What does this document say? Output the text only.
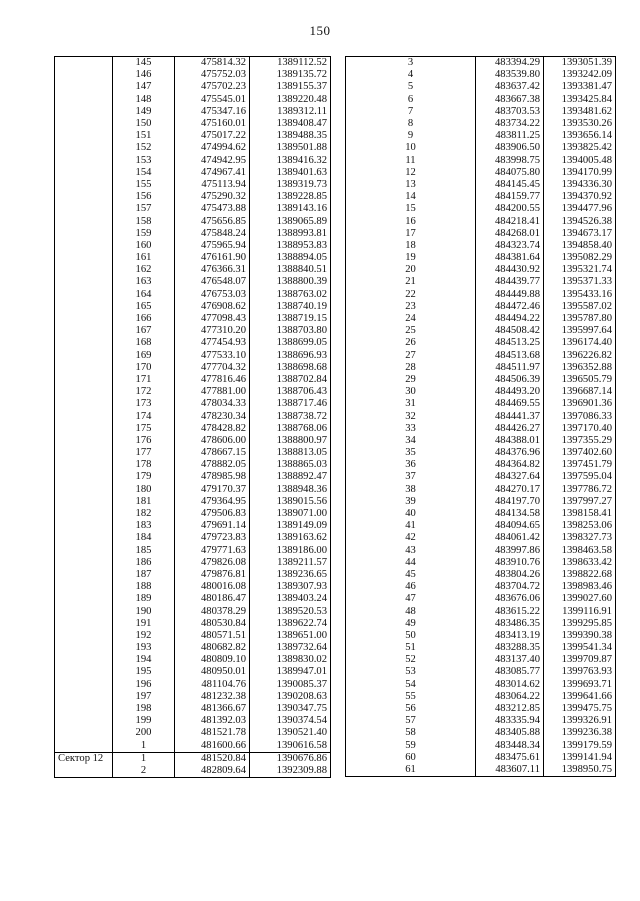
150
	145	475814.32	1389112.52
	146	475752.03	1389135.72
	147	475702.23	1389155.37
	148	475545.01	1389220.48
	149	475347.16	1389312.11
	150	475160.01	1389408.47
	151	475017.22	1389488.35
	152	474994.62	1389501.88
	153	474942.95	1389416.32
	154	474967.41	1389401.63
	155	475113.94	1389319.73
	156	475290.32	1389228.85
	157	475473.88	1389143.16
	158	475656.85	1389065.89
	159	475848.24	1388993.81
	160	475965.94	1388953.83
	161	476161.90	1388894.05
	162	476366.31	1388840.51
	163	476548.07	1388800.39
	164	476753.03	1388763.02
	165	476908.62	1388740.19
	166	477098.43	1388719.15
	167	477310.20	1388703.80
	168	477454.93	1388699.05
	169	477533.10	1388696.93
	170	477704.32	1388698.68
	171	477816.46	1388702.84
	172	477881.00	1388706.43
	173	478034.33	1388717.46
	174	478230.34	1388738.72
	175	478428.82	1388768.06
	176	478606.00	1388800.97
	177	478667.15	1388813.05
	178	478882.05	1388865.03
	179	478985.98	1388892.47
	180	479170.37	1388948.36
	181	479364.95	1389015.56
	182	479506.83	1389071.00
	183	479691.14	1389149.09
	184	479723.83	1389163.62
	185	479771.63	1389186.00
	186	479826.08	1389211.57
	187	479876.81	1389236.65
	188	480016.08	1389307.93
	189	480186.47	1389403.24
	190	480378.29	1389520.53
	191	480530.84	1389622.74
	192	480571.51	1389651.00
	193	480682.82	1389732.64
	194	480809.10	1389830.02
	195	480950.01	1389947.01
	196	481104.76	1390085.37
	197	481232.38	1390208.63
	198	481366.67	1390347.75
	199	481392.03	1390374.54
	200	481521.78	1390521.40
	1	481600.66	1390616.58
Сектор 12	1	481520.84	1390676.86
	2	482809.64	1392309.88
3	483394.29	1393051.39
4	483539.80	1393242.09
5	483637.42	1393381.47
6	483667.38	1393425.84
7	483703.53	1393481.62
8	483734.22	1393530.26
9	483811.25	1393656.14
10	483906.50	1393825.42
11	483998.75	1394005.48
12	484075.80	1394170.99
13	484145.45	1394336.30
14	484159.77	1394370.92
15	484200.55	1394477.96
16	484218.41	1394526.38
17	484268.01	1394673.17
18	484323.74	1394858.40
19	484381.64	1395082.29
20	484430.92	1395321.74
21	484439.77	1395371.33
22	484449.88	1395433.16
23	484472.46	1395587.02
24	484494.22	1395787.80
25	484508.42	1395997.64
26	484513.25	1396174.40
27	484513.68	1396226.82
28	484511.97	1396352.88
29	484506.39	1396505.79
30	484493.20	1396687.14
31	484469.55	1396901.36
32	484441.37	1397086.33
33	484426.27	1397170.40
34	484388.01	1397355.29
35	484376.96	1397402.60
36	484364.82	1397451.79
37	484327.64	1397595.04
38	484270.17	1397786.72
39	484197.70	1397997.27
40	484134.58	1398158.41
41	484094.65	1398253.06
42	484061.42	1398327.73
43	483997.86	1398463.58
44	483910.76	1398633.42
45	483804.26	1398822.68
46	483704.72	1398983.46
47	483676.06	1399027.60
48	483615.22	1399116.91
49	483486.35	1399295.85
50	483413.19	1399390.38
51	483288.35	1399541.34
52	483137.40	1399709.87
53	483085.77	1399763.93
54	483014.62	1399693.71
55	483064.22	1399641.66
56	483212.85	1399475.75
57	483335.94	1399326.91
58	483405.88	1399236.38
59	483448.34	1399179.59
60	483475.61	1399141.94
61	483607.11	1398950.75
